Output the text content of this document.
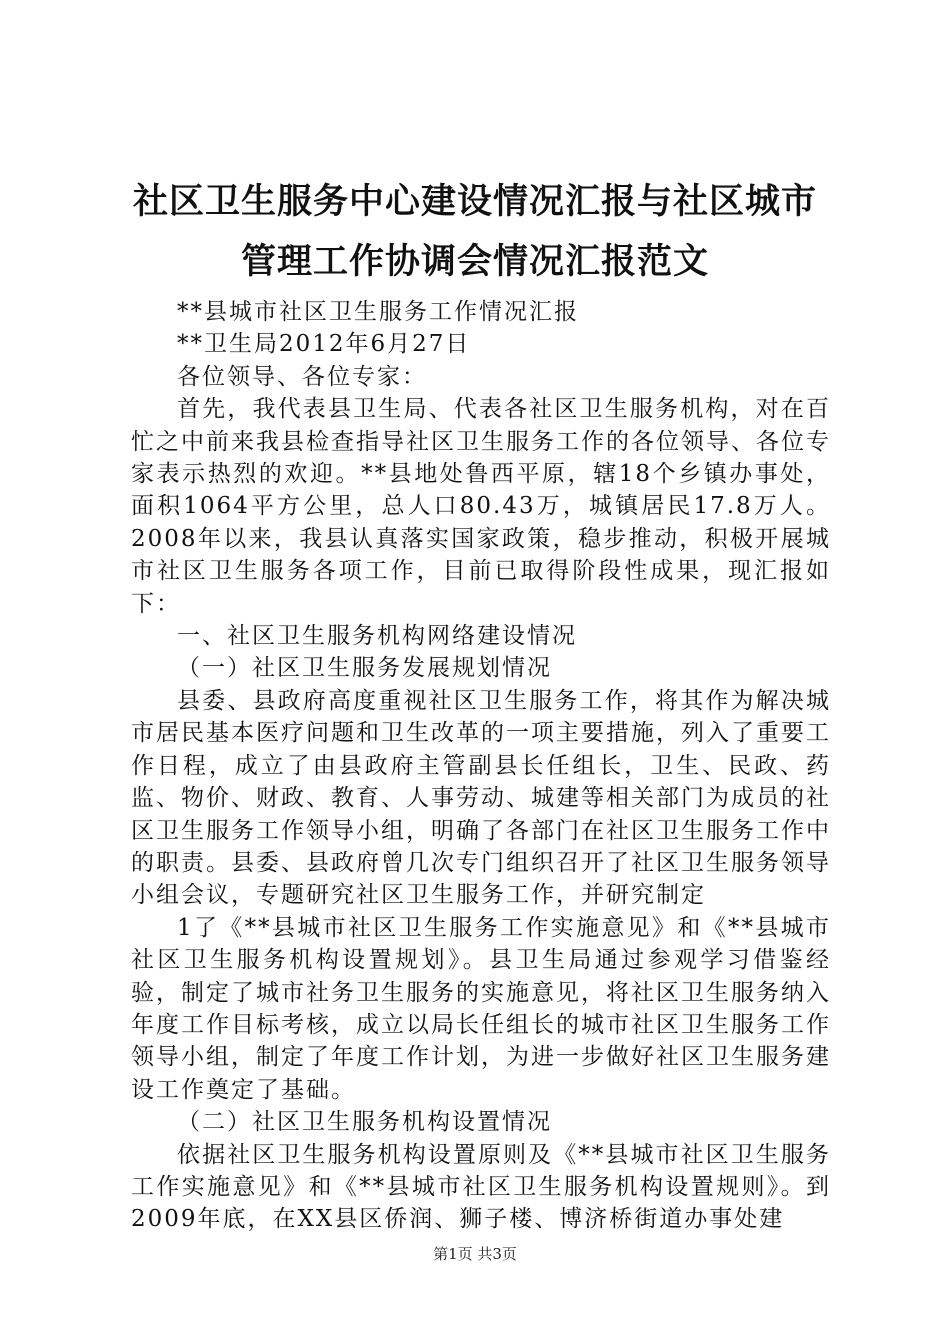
社区卫生服务中心建设情况汇报与社区城市管理工作协调会情况汇报范文

**县城市社区卫生服务工作情况汇报

**卫生局2012年6月27日

各位领导、各位专家：

首先，我代表县卫生局、代表各社区卫生服务机构，对在百忙之中前来我县检查指导社区卫生服务工作的各位领导、各位专家表示热烈的欢迎。**县地处鲁西平原，辖18个乡镇办事处，面积1064平方公里，总人口80.43万，城镇居民17.8万人。2008年以来，我县认真落实国家政策，稳步推动，积极开展城市社区卫生服务各项工作，目前已取得阶段性成果，现汇报如下：

一、社区卫生服务机构网络建设情况

（一）社区卫生服务发展规划情况

县委、县政府高度重视社区卫生服务工作，将其作为解决城市居民基本医疗问题和卫生改革的一项主要措施，列入了重要工作日程，成立了由县政府主管副县长任组长，卫生、民政、药监、物价、财政、教育、人事劳动、城建等相关部门为成员的社区卫生服务工作领导小组，明确了各部门在社区卫生服务工作中的职责。县委、县政府曾几次专门组织召开了社区卫生服务领导小组会议，专题研究社区卫生服务工作，并研究制定

1了《**县城市社区卫生服务工作实施意见》和《**县城市社区卫生服务机构设置规划》。县卫生局通过参观学习借鉴经验，制定了城市社务卫生服务的实施意见，将社区卫生服务纳入年度工作目标考核，成立以局长任组长的城市社区卫生服务工作领导小组，制定了年度工作计划，为进一步做好社区卫生服务建设工作奠定了基础。

（二）社区卫生服务机构设置情况

依据社区卫生服务机构设置原则及《**县城市社区卫生服务工作实施意见》和《**县城市社区卫生服务机构设置规则》。到2009年底，在XX县区侨润、狮子楼、博济桥街道办事处建

第1页 共3页
